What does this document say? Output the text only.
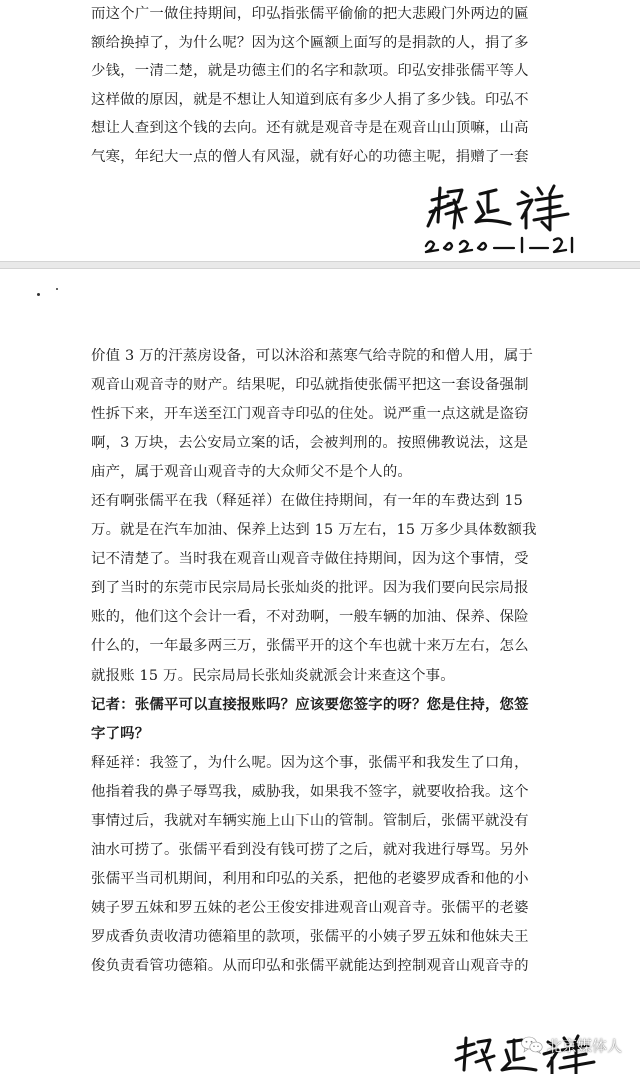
而这个广一做住持期间，印弘指张儒平偷偷的把大悲殿门外两边的匾
额给换掉了，为什么呢？因为这个匾额上面写的是捐款的人，捐了多
少钱，一清二楚，就是功德主们的名字和款项。印弘安排张儒平等人
这样做的原因，就是不想让人知道到底有多少人捐了多少钱。印弘不
想让人查到这个钱的去向。还有就是观音寺是在观音山山顶嘛，山高
气寒，年纪大一点的僧人有风湿，就有好心的功德主呢，捐赠了一套
价值 3 万的汗蒸房设备，可以沐浴和蒸寒气给寺院的和僧人用，属于
观音山观音寺的财产。结果呢，印弘就指使张儒平把这一套设备强制
性拆下来，开车送至江门观音寺印弘的住处。说严重一点这就是盗窃
啊，3 万块，去公安局立案的话，会被判刑的。按照佛教说法，这是
庙产，属于观音山观音寺的大众师父不是个人的。
还有啊张儒平在我（释延祥）在做住持期间，有一年的车费达到 15
万。就是在汽车加油、保养上达到 15 万左右，15 万多少具体数额我
记不清楚了。当时我在观音山观音寺做住持期间，因为这个事情，受
到了当时的东莞市民宗局局长张灿炎的批评。因为我们要向民宗局报
账的，他们这个会计一看，不对劲啊，一般车辆的加油、保养、保险
什么的，一年最多两三万，张儒平开的这个车也就十来万左右，怎么
就报账 15 万。民宗局局长张灿炎就派会计来查这个事。
记者：张儒平可以直接报账吗？应该要您签字的呀？您是住持，您签
字了吗？
释延祥：我签了，为什么呢。因为这个事，张儒平和我发生了口角，
他指着我的鼻子辱骂我，威胁我，如果我不签字，就要收拾我。这个
事情过后，我就对车辆实施上山下山的管制。管制后，张儒平就没有
油水可捞了。张儒平看到没有钱可捞了之后，就对我进行辱骂。另外
张儒平当司机期间，利用和印弘的关系，把他的老婆罗成香和他的小
姨子罗五妹和罗五妹的老公王俊安排进观音山观音寺。张儒平的老婆
罗成香负责收清功德箱里的款项，张儒平的小姨子罗五妹和他妹夫王
俊负责看管功德箱。从而印弘和张儒平就能达到控制观音山观音寺的
北京媒体人
